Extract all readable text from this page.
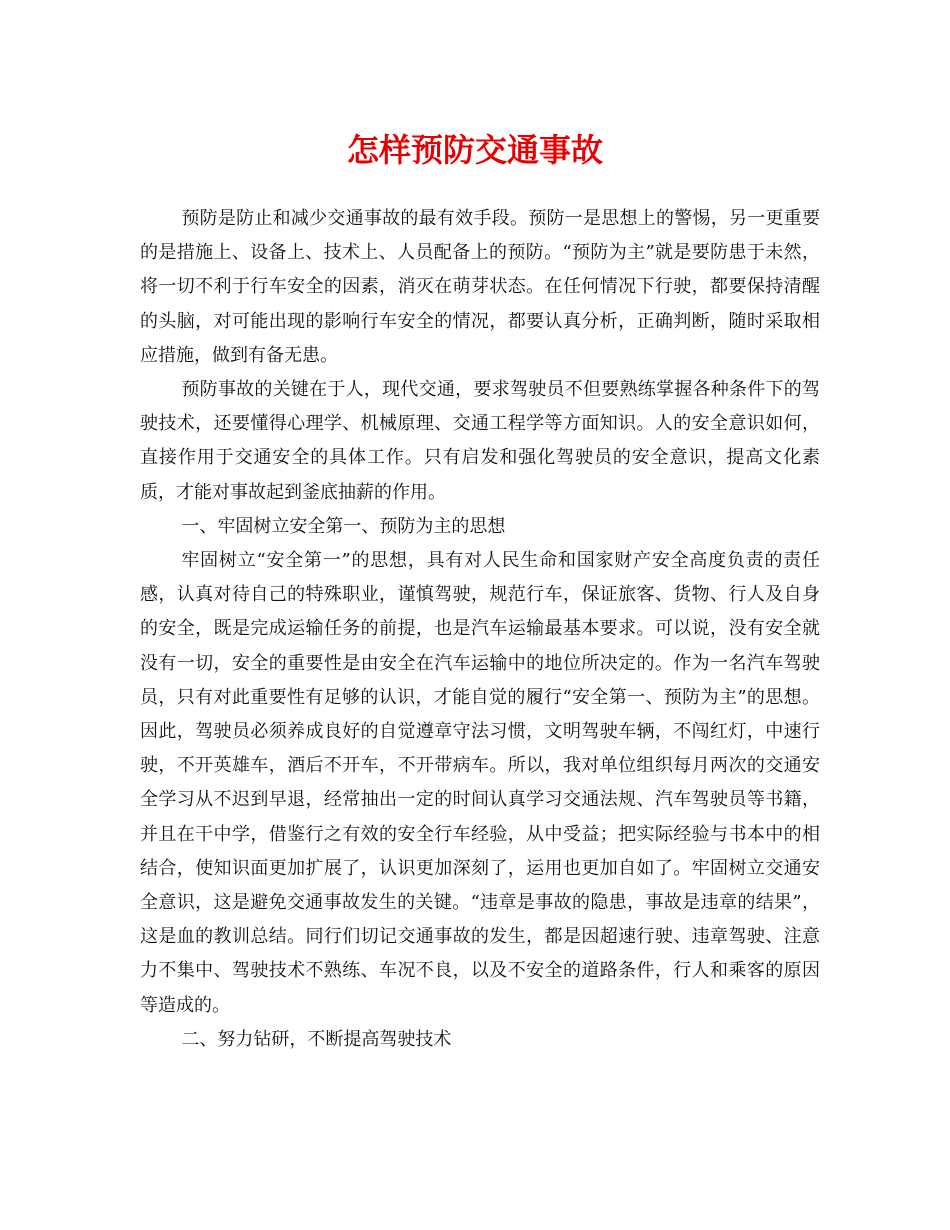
怎样预防交通事故

预防是防止和减少交通事故的最有效手段。预防一是思想上的警惕，另一更重要的是措施上、设备上、技术上、人员配备上的预防。“预防为主”就是要防患于未然，将一切不利于行车安全的因素，消灭在萌芽状态。在任何情况下行驶，都要保持清醒的头脑，对可能出现的影响行车安全的情况，都要认真分析，正确判断，随时采取相应措施，做到有备无患。

预防事故的关键在于人，现代交通，要求驾驶员不但要熟练掌握各种条件下的驾驶技术，还要懂得心理学、机械原理、交通工程学等方面知识。人的安全意识如何，直接作用于交通安全的具体工作。只有启发和强化驾驶员的安全意识，提高文化素质，才能对事故起到釜底抽薪的作用。

一、牢固树立安全第一、预防为主的思想

牢固树立“安全第一”的思想，具有对人民生命和国家财产安全高度负责的责任感，认真对待自己的特殊职业，谨慎驾驶，规范行车，保证旅客、货物、行人及自身的安全，既是完成运输任务的前提，也是汽车运输最基本要求。可以说，没有安全就没有一切，安全的重要性是由安全在汽车运输中的地位所决定的。作为一名汽车驾驶员，只有对此重要性有足够的认识，才能自觉的履行“安全第一、预防为主”的思想。因此，驾驶员必须养成良好的自觉遵章守法习惯，文明驾驶车辆，不闯红灯，中速行驶，不开英雄车，酒后不开车，不开带病车。所以，我对单位组织每月两次的交通安全学习从不迟到早退，经常抽出一定的时间认真学习交通法规、汽车驾驶员等书籍，并且在干中学，借鉴行之有效的安全行车经验，从中受益；把实际经验与书本中的相结合，使知识面更加扩展了，认识更加深刻了，运用也更加自如了。牢固树立交通安全意识，这是避免交通事故发生的关键。“违章是事故的隐患，事故是违章的结果”，这是血的教训总结。同行们切记交通事故的发生，都是因超速行驶、违章驾驶、注意力不集中、驾驶技术不熟练、车况不良，以及不安全的道路条件，行人和乘客的原因等造成的。

二、努力钻研，不断提高驾驶技术
